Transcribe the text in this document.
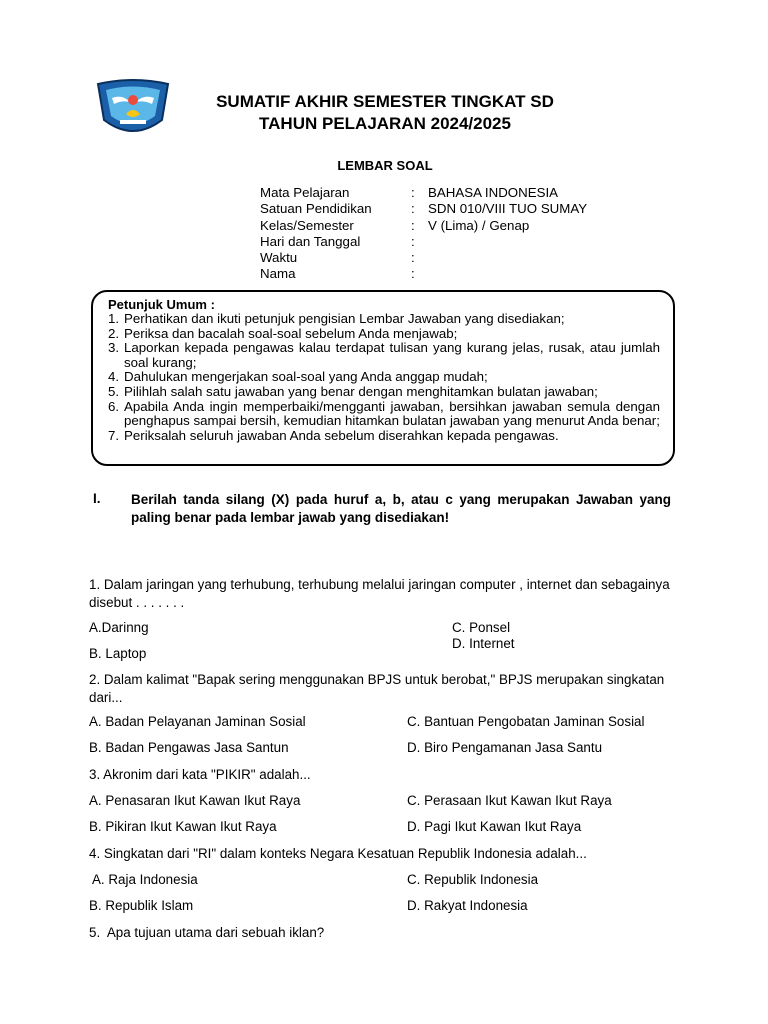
SUMATIF AKHIR SEMESTER TINGKAT SD
TAHUN PELAJARAN 2024/2025
LEMBAR SOAL
Mata Pelajaran	: BAHASA INDONESIA
Satuan Pendidikan	: SDN 010/VIII TUO SUMAY
Kelas/Semester	: V (Lima) / Genap
Hari dan Tanggal	:
Waktu	:
Nama	:
Petunjuk Umum :
1. Perhatikan dan ikuti petunjuk pengisian Lembar Jawaban yang disediakan;
2. Periksa dan bacalah soal-soal sebelum Anda menjawab;
3. Laporkan kepada pengawas kalau terdapat tulisan yang kurang jelas, rusak, atau jumlah soal kurang;
4. Dahulukan mengerjakan soal-soal yang Anda anggap mudah;
5. Pilihlah salah satu jawaban yang benar dengan menghitamkan bulatan jawaban;
6. Apabila Anda ingin memperbaiki/mengganti jawaban, bersihkan jawaban semula dengan penghapus sampai bersih, kemudian hitamkan bulatan jawaban yang menurut Anda benar;
7. Periksalah seluruh jawaban Anda sebelum diserahkan kepada pengawas.
I. Berilah tanda silang (X) pada huruf a, b, atau c yang merupakan Jawaban yang paling benar pada lembar jawab yang disediakan!
1. Dalam jaringan yang terhubung, terhubung melalui jaringan computer , internet dan sebagainya disebut . . . . . . .
A.Darinng	C. Ponsel
D. Internet
B. Laptop
2. Dalam kalimat "Bapak sering menggunakan BPJS untuk berobat," BPJS merupakan singkatan dari...
A. Badan Pelayanan Jaminan Sosial	C. Bantuan Pengobatan Jaminan Sosial
B. Badan Pengawas Jasa Santun	D. Biro Pengamanan Jasa Santu
3. Akronim dari kata "PIKIR" adalah...
A. Penasaran Ikut Kawan Ikut Raya	C. Perasaan Ikut Kawan Ikut Raya
B. Pikiran Ikut Kawan Ikut Raya	D. Pagi Ikut Kawan Ikut Raya
4. Singkatan dari "RI" dalam konteks Negara Kesatuan Republik Indonesia adalah...
A. Raja Indonesia	C. Republik Indonesia
B. Republik Islam	D. Rakyat Indonesia
5.  Apa tujuan utama dari sebuah iklan?
